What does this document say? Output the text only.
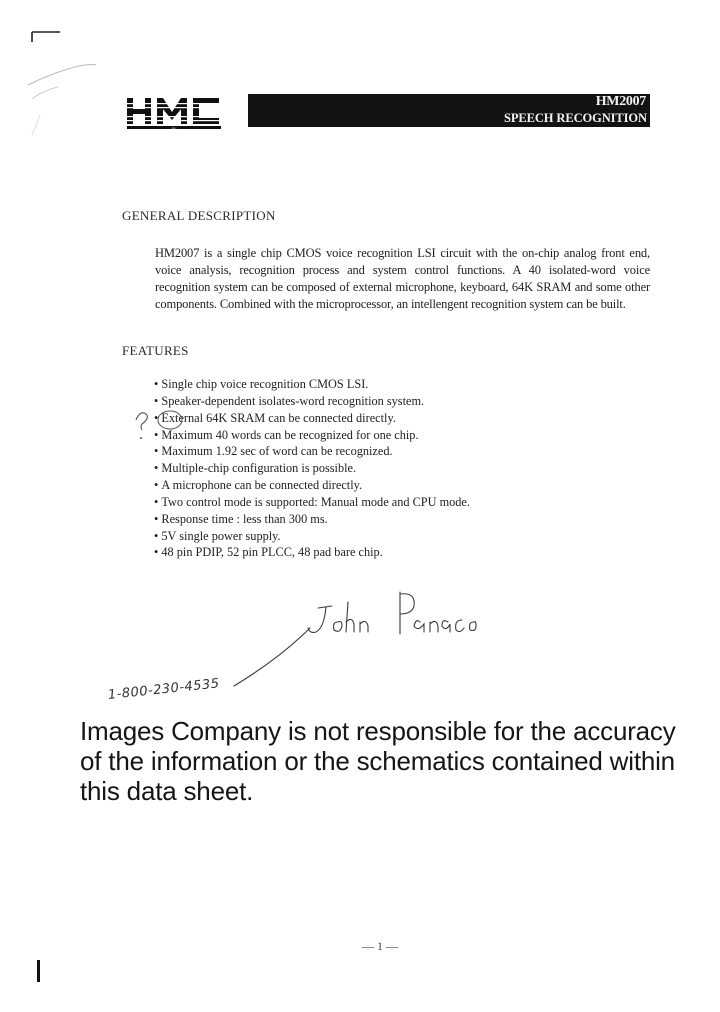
HMC
HM2007
SPEECH RECOGNITION
GENERAL DESCRIPTION
HM2007 is a single chip CMOS voice recognition LSI circuit with the on-chip analog front end, voice analysis, recognition process and system control functions. A 40 isolated-word voice recognition system can be composed of external microphone, keyboard, 64K SRAM and some other components. Combined with the microprocessor, an intellengent recognition system can be built.
FEATURES
• Single chip voice recognition CMOS LSI.
• Speaker-dependent isolates-word recognition system.
• External 64K SRAM can be connected directly.
• Maximum 40 words can be recognized for one chip.
• Maximum 1.92 sec of word can be recognized.
• Multiple-chip configuration is possible.
• A microphone can be connected directly.
• Two control mode is supported: Manual mode and CPU mode.
• Response time : less than 300 ms.
• 5V single power supply.
• 48 pin PDIP, 52 pin PLCC, 48 pad bare chip.
1-800-230-4535
Images Company is not responsible for the accuracy of the information or the schematics contained within this data sheet.
— 1 —
